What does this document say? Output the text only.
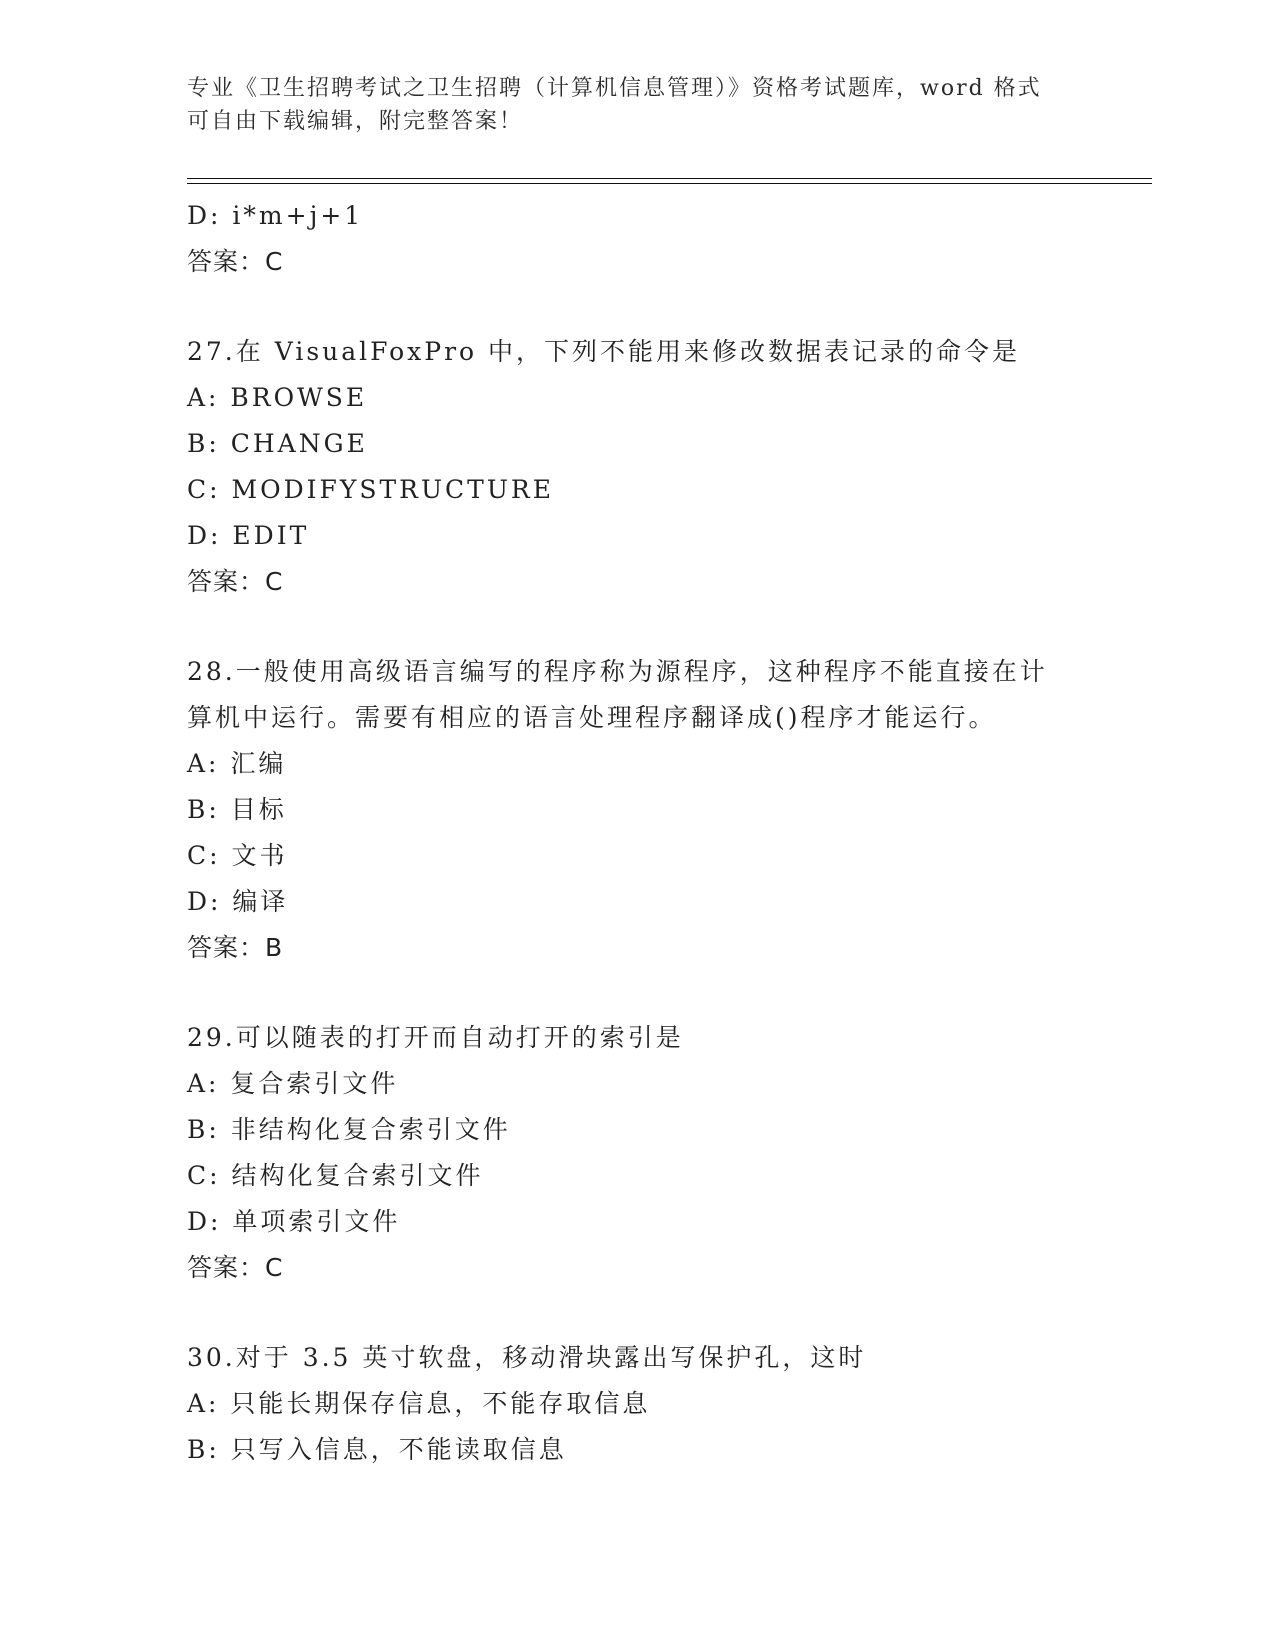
专业《卫生招聘考试之卫生招聘（计算机信息管理）》资格考试题库，word 格式
可自由下载编辑，附完整答案！
D: i*m+j+1
答案：C
27.在 VisualFoxPro 中，下列不能用来修改数据表记录的命令是
A: BROWSE
B: CHANGE
C: MODIFYSTRUCTURE
D: EDIT
答案：C
28.一般使用高级语言编写的程序称为源程序，这种程序不能直接在计
算机中运行。需要有相应的语言处理程序翻译成()程序才能运行。
A: 汇编
B: 目标
C: 文书
D: 编译
答案：B
29.可以随表的打开而自动打开的索引是
A: 复合索引文件
B: 非结构化复合索引文件
C: 结构化复合索引文件
D: 单项索引文件
答案：C
30.对于 3.5 英寸软盘，移动滑块露出写保护孔，这时
A: 只能长期保存信息，不能存取信息
B: 只写入信息，不能读取信息
